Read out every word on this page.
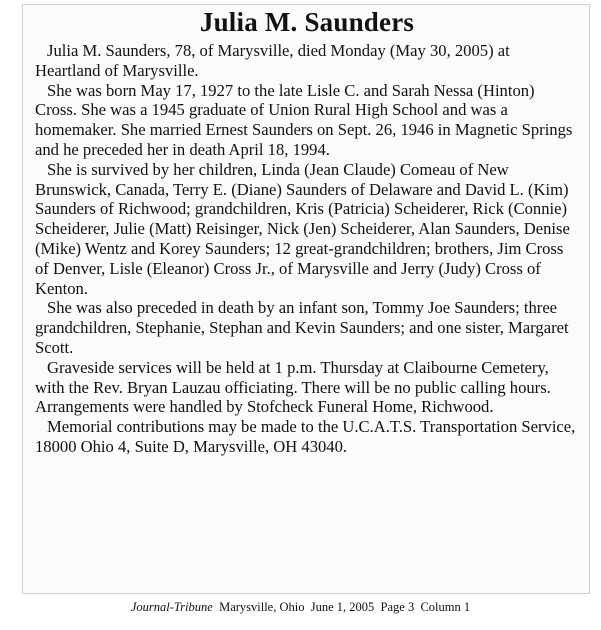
Julia M. Saunders

Julia M. Saunders, 78, of Marysville, died Monday (May 30, 2005) at Heartland of Marysville.

She was born May 17, 1927 to the late Lisle C. and Sarah Nessa (Hinton) Cross. She was a 1945 graduate of Union Rural High School and was a homemaker. She married Ernest Saunders on Sept. 26, 1946 in Magnetic Springs and he preceded her in death April 18, 1994.

She is survived by her children, Linda (Jean Claude) Comeau of New Brunswick, Canada, Terry E. (Diane) Saunders of Delaware and David L. (Kim) Saunders of Richwood; grandchildren, Kris (Patricia) Scheiderer, Rick (Connie) Scheiderer, Julie (Matt) Reisinger, Nick (Jen) Scheiderer, Alan Saunders, Denise (Mike) Wentz and Korey Saunders; 12 great-grandchildren; brothers, Jim Cross of Denver, Lisle (Eleanor) Cross Jr., of Marysville and Jerry (Judy) Cross of Kenton.

She was also preceded in death by an infant son, Tommy Joe Saunders; three grandchildren, Stephanie, Stephan and Kevin Saunders; and one sister, Margaret Scott.

Graveside services will be held at 1 p.m. Thursday at Claibourne Cemetery, with the Rev. Bryan Lauzau officiating. There will be no public calling hours. Arrangements were handled by Stofcheck Funeral Home, Richwood.

Memorial contributions may be made to the U.C.A.T.S. Transportation Service, 18000 Ohio 4, Suite D, Marysville, OH 43040.

Journal-Tribune  Marysville, Ohio  June 1, 2005  Page 3  Column 1
